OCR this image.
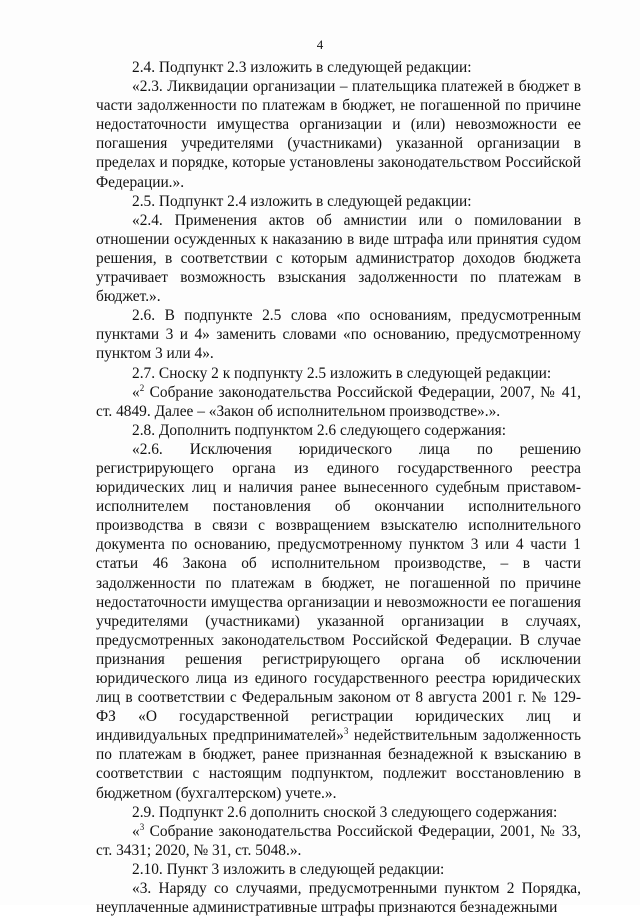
4

2.4. Подпункт 2.3 изложить в следующей редакции:

«2.3. Ликвидации организации – плательщика платежей в бюджет в части задолженности по платежам в бюджет, не погашенной по причине недостаточности имущества организации и (или) невозможности ее погашения учредителями (участниками) указанной организации в пределах и порядке, которые установлены законодательством Российской Федерации.».

2.5. Подпункт 2.4 изложить в следующей редакции:

«2.4. Применения актов об амнистии или о помиловании в отношении осужденных к наказанию в виде штрафа или принятия судом решения, в соответствии с которым администратор доходов бюджета утрачивает возможность взыскания задолженности по платежам в бюджет.».

2.6. В подпункте 2.5 слова «по основаниям, предусмотренным пунктами 3 и 4» заменить словами «по основанию, предусмотренному пунктом 3 или 4».

2.7. Сноску 2 к подпункту 2.5 изложить в следующей редакции:

«$^2$ Собрание законодательства Российской Федерации, 2007, № 41, ст. 4849. Далее – «Закон об исполнительном производстве».».

2.8. Дополнить подпунктом 2.6 следующего содержания:

«2.6. Исключения юридического лица по решению регистрирующего органа из единого государственного реестра юридических лиц и наличия ранее вынесенного судебным приставом-исполнителем постановления об окончании исполнительного производства в связи с возвращением взыскателю исполнительного документа по основанию, предусмотренному пунктом 3 или 4 части 1 статьи 46 Закона об исполнительном производстве, – в части задолженности по платежам в бюджет, не погашенной по причине недостаточности имущества организации и невозможности ее погашения учредителями (участниками) указанной организации в случаях, предусмотренных законодательством Российской Федерации. В случае признания решения регистрирующего органа об исключении юридического лица из единого государственного реестра юридических лиц в соответствии с Федеральным законом от 8 августа 2001 г. № 129-ФЗ «О государственной регистрации юридических лиц и индивидуальных предпринимателей»$^3$ недействительным задолженность по платежам в бюджет, ранее признанная безнадежной к взысканию в соответствии с настоящим подпунктом, подлежит восстановлению в бюджетном (бухгалтерском) учете.».

2.9. Подпункт 2.6 дополнить сноской 3 следующего содержания:

«$^3$ Собрание законодательства Российской Федерации, 2001, № 33, ст. 3431; 2020, № 31, ст. 5048.».

2.10. Пункт 3 изложить в следующей редакции:

«3. Наряду со случаями, предусмотренными пунктом 2 Порядка, неуплаченные административные штрафы признаются безнадежными
